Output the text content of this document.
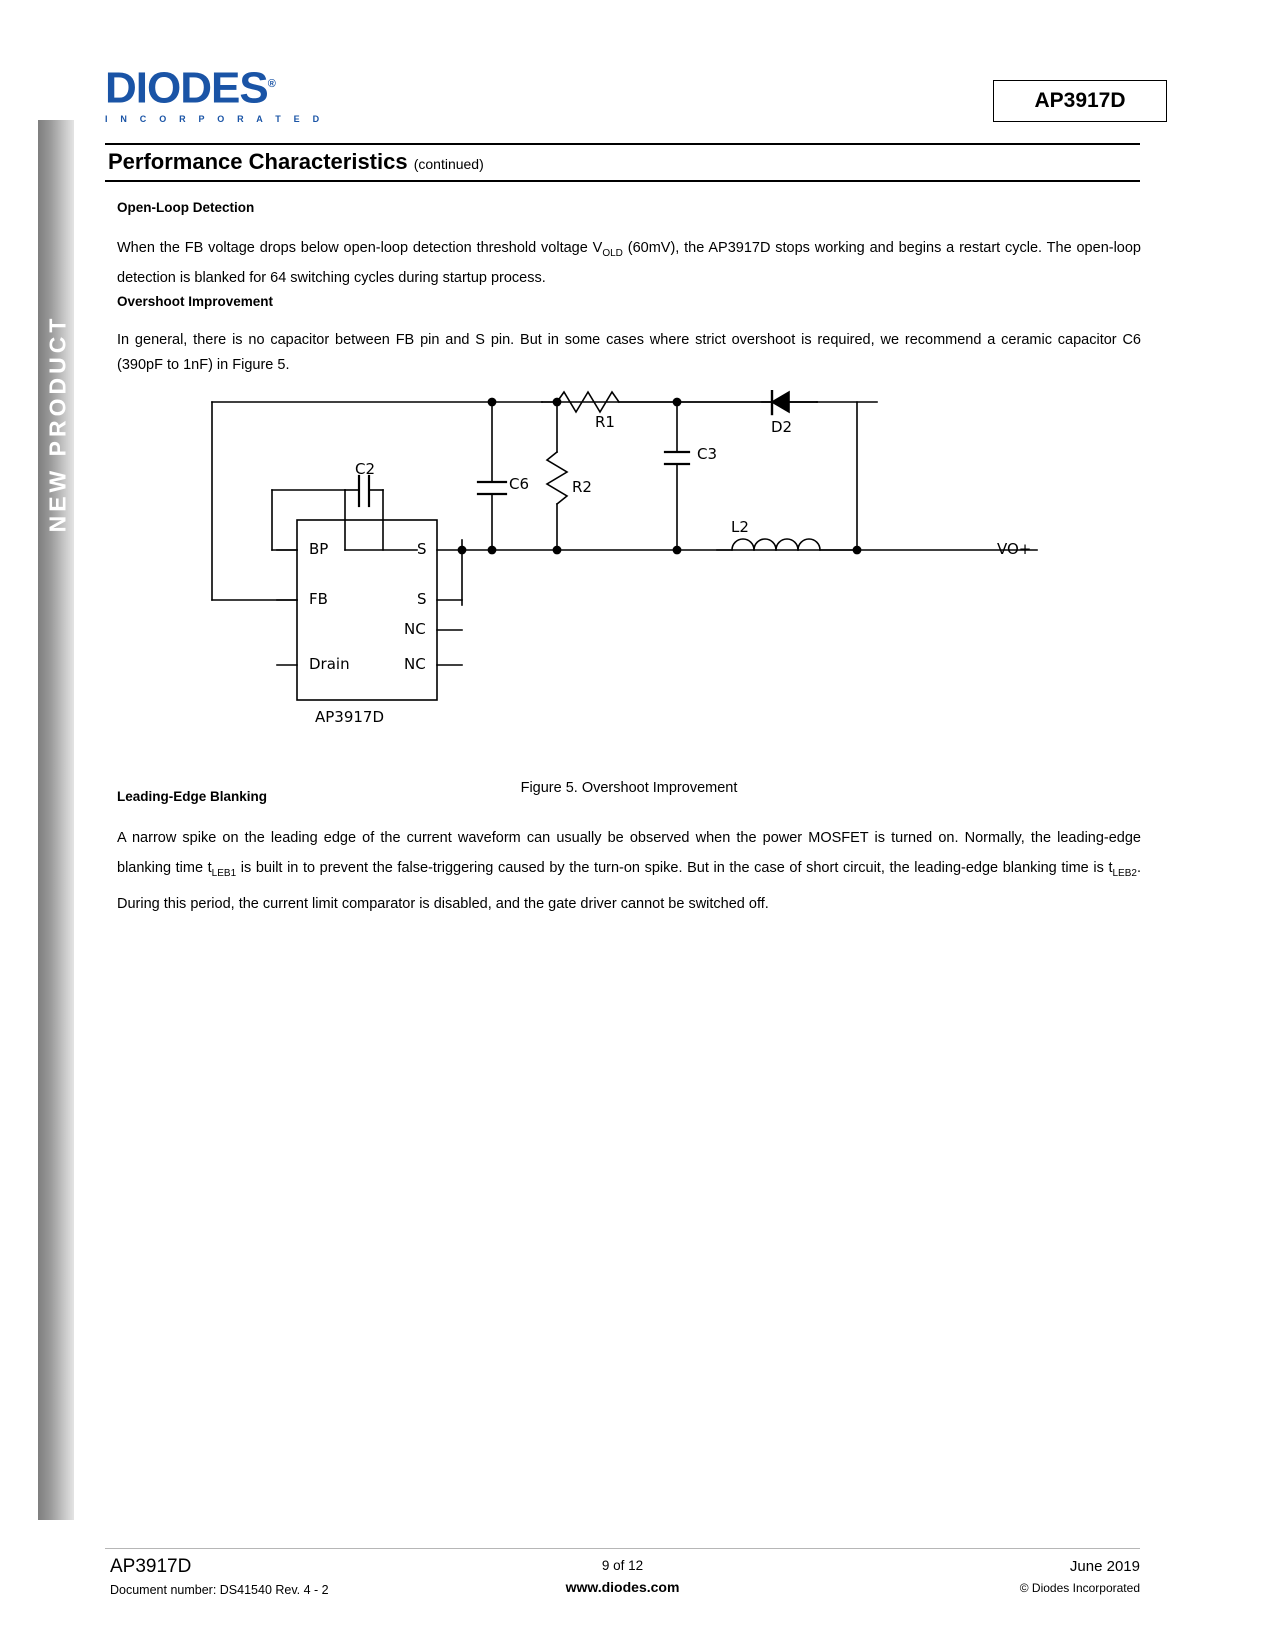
NEW PRODUCT
DIODES®
I N C O R P O R A T E D
AP3917D
Performance Characteristics (continued)
Open-Loop Detection
When the FB voltage drops below open-loop detection threshold voltage $V_{OLD}$ (60mV), the AP3917D stops working and begins a restart cycle. The open-loop detection is blanked for 64 switching cycles during startup process.
Overshoot Improvement
In general, there is no capacitor between FB pin and S pin. But in some cases where strict overshoot is required, we recommend a ceramic capacitor C6 (390pF to 1nF) in Figure 5.
C2
C6	R2
C3
R1	D2
L2
VO+
BP
FB
Drain
S
S
NC
NC
AP3917D
Figure 5. Overshoot Improvement
Leading-Edge Blanking
A narrow spike on the leading edge of the current waveform can usually be observed when the power MOSFET is turned on. Normally, the leading-edge blanking time $t_{LEB1}$ is built in to prevent the false-triggering caused by the turn-on spike. But in the case of short circuit, the leading-edge blanking time is $t_{LEB2}$. During this period, the current limit comparator is disabled, and the gate driver cannot be switched off.
AP3917D
Document number: DS41540 Rev. 4 - 2
9 of 12
www.diodes.com
June 2019
© Diodes Incorporated
